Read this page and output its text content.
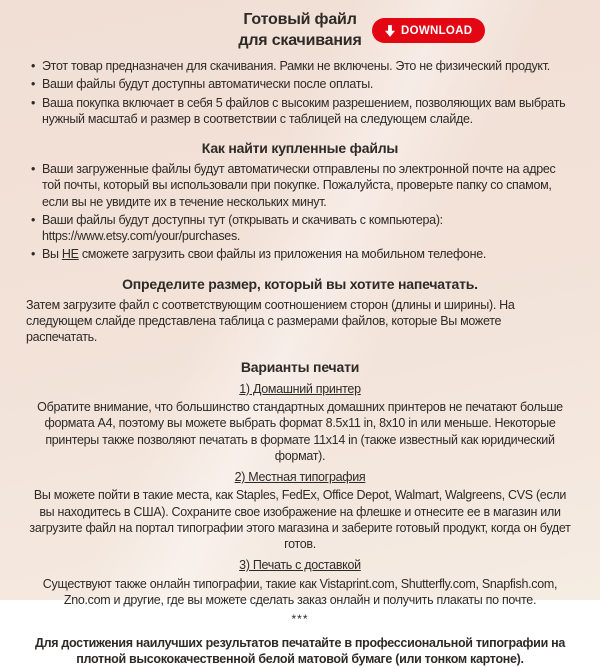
Готовый файл
для скачивания
DOWNLOAD
• Этот товар предназначен для скачивания. Рамки не включены. Это не физический продукт.
• Ваши файлы будут доступны автоматически после оплаты.
• Ваша покупка включает в себя 5 файлов с высоким разрешением, позволяющих вам выбрать нужный масштаб и размер в соответствии с таблицей на следующем слайде.
Как найти купленные файлы
• Ваши загруженные файлы будут автоматически отправлены по электронной почте на адрес той почты, который вы использовали при покупке. Пожалуйста, проверьте папку со спамом, если вы не увидите их в течение нескольких минут.
• Ваши файлы будут доступны тут (открывать и скачивать с компьютера):
https://www.etsy.com/your/purchases.
• Вы НЕ сможете загрузить свои файлы из приложения на мобильном телефоне.
Определите размер, который вы хотите напечатать.

Затем загрузите файл с соответствующим соотношением сторон (длины и ширины). На следующем слайде представлена таблица с размерами файлов, которые Вы можете распечатать.

Варианты печати
1) Домашний принтер

Обратите внимание, что большинство стандартных домашних принтеров не печатают больше формата А4, поэтому вы можете выбрать формат 8.5x11 in, 8x10 in или меньше. Некоторые принтеры также позволяют печатать в формате 11x14 in (также известный как юридический формат).

2) Местная типография

Вы можете пойти в такие места, как Staples, FedEx, Office Depot, Walmart, Walgreens, CVS (если вы находитесь в США). Сохраните свое изображение на флешке и отнесите ее в магазин или загрузите файл на портал типографии этого магазина и заберите готовый продукт, когда он будет готов.

3) Печать с доставкой

Существуют также онлайн типографии, такие как Vistaprint.com, Shutterfly.com, Snapfish.com, Zno.com и другие, где вы можете сделать заказ онлайн и получить плакаты по почте.

***

Для достижения наилучших результатов печатайте в профессиональной типографии на плотной высококачественной белой матовой бумаге (или тонком картоне).
